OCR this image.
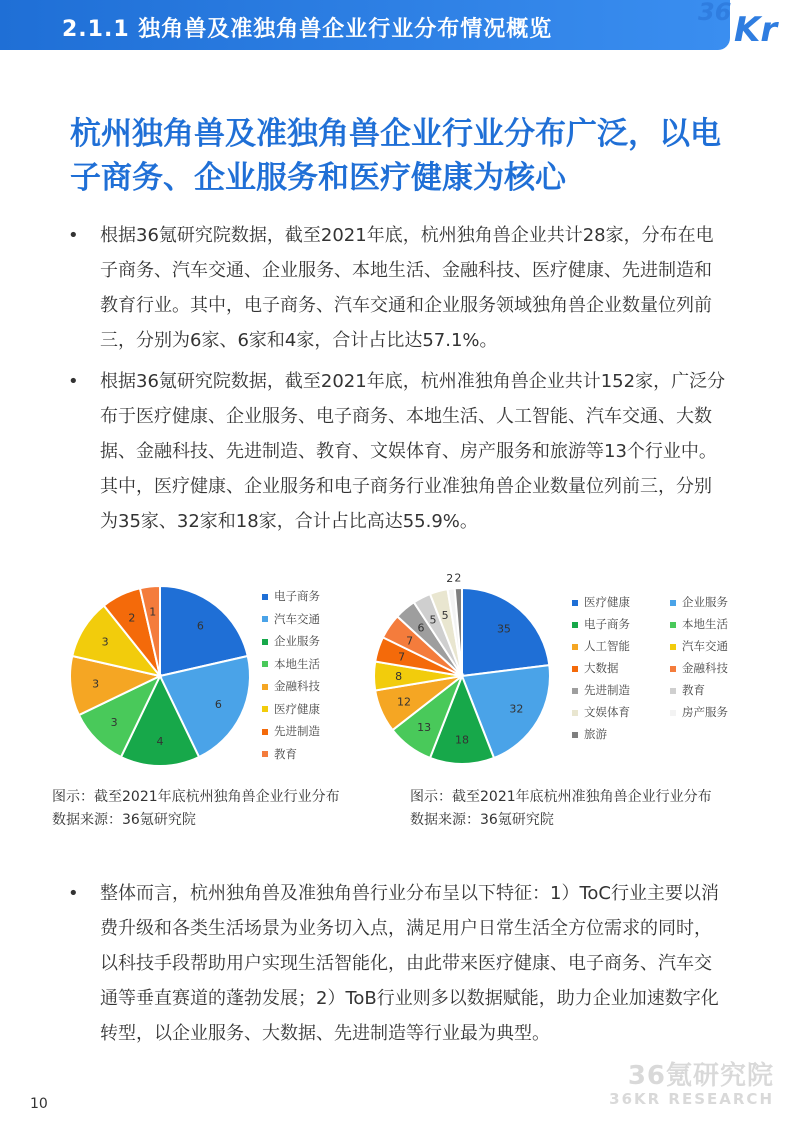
2.1.1 独角兽及准独角兽企业行业分布情况概览
36 Kr
杭州独角兽及准独角兽企业行业分布广泛，以电子商务、企业服务和医疗健康为核心
• 根据36氪研究院数据，截至2021年底，杭州独角兽企业共计28家，分布在电子商务、汽车交通、企业服务、本地生活、金融科技、医疗健康、先进制造和教育行业。其中，电子商务、汽车交通和企业服务领域独角兽企业数量位列前三，分别为6家、6家和4家，合计占比达57.1%。
• 根据36氪研究院数据，截至2021年底，杭州准独角兽企业共计152家，广泛分布于医疗健康、企业服务、电子商务、本地生活、人工智能、汽车交通、大数据、金融科技、先进制造、教育、文娱体育、房产服务和旅游等13个行业中。其中，医疗健康、企业服务和电子商务行业准独角兽企业数量位列前三，分别为35家、32家和18家，合计占比高达55.9%。
6
6
4
3
3
3
2 1
电子商务
汽车交通
企业服务
本地生活
金融科技
医疗健康
先进制造
教育
35
32
18
13
12
8
7
7
6
5 5
2 2
医疗健康	企业服务
电子商务	本地生活
人工智能	汽车交通
大数据	金融科技
先进制造	教育
文娱体育	房产服务
旅游
图示：截至2021年底杭州独角兽企业行业分布
数据来源：36氪研究院
图示：截至2021年底杭州准独角兽企业行业分布
数据来源：36氪研究院
• 整体而言，杭州独角兽及准独角兽行业分布呈以下特征：1）ToC行业主要以消费升级和各类生活场景为业务切入点，满足用户日常生活全方位需求的同时，以科技手段帮助用户实现生活智能化，由此带来医疗健康、电子商务、汽车交通等垂直赛道的蓬勃发展；2）ToB行业则多以数据赋能，助力企业加速数字化转型，以企业服务、大数据、先进制造等行业最为典型。
36氪研究院
36KR RESEARCH
10
